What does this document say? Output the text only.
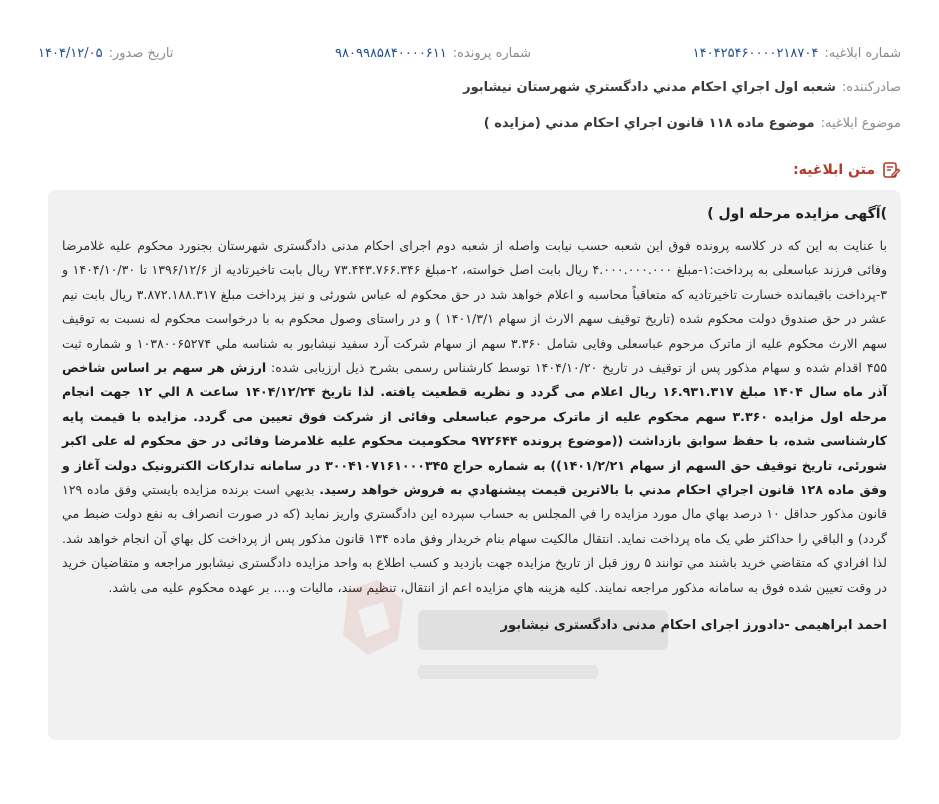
شماره ابلاغیه:
۱۴۰۴۲۵۴۶۰۰۰۰۲۱۸۷۰۴
شماره پرونده:
۹۸۰۹۹۸۵۸۴۰۰۰۰۶۱۱
تاریخ صدور:
۱۴۰۴/۱۲/۰۵
صادرکننده:
شعبه اول اجراي احكام مدني دادگستري شهرستان نيشابور
موضوع ابلاغیه:
موضوع ماده ۱۱۸ قانون اجراي احكام مدني (مزايده )
متن ابلاغیه:

)آگهی مزایده مرحله اول )

با عنایت به این که در کلاسه پرونده فوق این شعبه حسب نیابت واصله از شعبه دوم اجرای احکام مدنی دادگستری شهرستان بجنورد محکوم علیه غلامرضا وفائی فرزند عباسعلی به پرداخت:۱-مبلغ ۴.۰۰۰.۰۰۰.۰۰۰ ریال بابت اصل خواسته، ۲-مبلغ ۷۳.۴۴۳.۷۶۶.۳۴۶ ریال بابت تاخیرتادیه از ۱۳۹۶/۱۲/۶ تا ۱۴۰۴/۱۰/۳۰ و ۳-پرداخت باقیمانده خسارت تاخیرتادیه که متعاقباً محاسبه و اعلام خواهد شد در حق محکوم له عباس شورئی و نیز پرداخت مبلغ ۳.۸۷۲.۱۸۸.۳۱۷ ریال بابت نیم عشر در حق صندوق دولت محکوم شده (تاریخ توقیف سهم الارث از سهام ۱۴۰۱/۳/۱ ) و در راستای وصول محکوم به با درخواست محکوم له نسبت به توقیف سهم الارث محکوم علیه از ماترک مرحوم عباسعلی وفایی شامل ۳.۳۶۰ سهم از سهام شرکت آرد سفید نیشابور به شناسه ملي ۱۰۳۸۰۰۶۵۲۷۴ و شماره ثبت ۴۵۵ اقدام شده و سهام مذکور پس از توقیف در تاریخ ۱۴۰۴/۱۰/۲۰ توسط کارشناس رسمی بشرح ذیل ارزیابی شده: ارزش هر سهم بر اساس شاخص آذر ماه سال ۱۴۰۴ مبلغ ۱۶.۹۳۱.۳۱۷ ریال اعلام می گردد و نظریه قطعیت یافته. لذا تاریخ ۱۴۰۴/۱۲/۲۴ ساعت ۸ الي ۱۲ جهت انجام مرحله اول مزایده ۳.۳۶۰ سهم محکوم علیه از ماترک مرحوم عباسعلی وفائی از شرکت فوق تعیین می گردد. مزایده با قیمت پایه کارشناسی شده، با حفظ سوابق بازداشت ((موضوع پرونده ۹۷۲۶۴۴ محکومیت محکوم علیه غلامرضا وفائی در حق محکوم له علی اکبر شورئی، تاریخ توقیف حق السهم از سهام ۱۴۰۱/۲/۲۱)) به شماره حراج ۳۰۰۴۱۰۷۱۶۱۰۰۰۳۴۵ در سامانه تدارکات الکترونیک دولت آغاز و وفق ماده ۱۲۸ قانون اجراي احكام مدني با بالاترين قيمت پيشنهادي به فروش خواهد رسيد. بديهي است برنده مزایده بایستي وفق ماده ۱۲۹ قانون مذکور حداقل ۱۰ درصد بهاي مال مورد مزايده را في المجلس به حساب سپرده این دادگستري واريز نمايد (كه در صورت انصراف به نفع دولت ضبط مي گردد) و الباقي را حداكثر طي يک ماه پرداخت نمايد. انتقال مالكيت سهام بنام خریدار وفق ماده ۱۳۴ قانون مذکور پس از پرداخت كل بهاي آن انجام خواهد شد. لذا افرادي كه متقاضي خريد باشند مي توانند ۵ روز قبل از تاريخ مزايده جهت بازديد و کسب اطلاع به واحد مزایده دادگستری نیشابور مراجعه و متقاضيان خريد در وقت تعيين شده فوق به سامانه مذکور مراجعه نمايند. كليه هزينه هاي مزايده اعم از انتقال، تنظيم سند، ماليات و.... بر عهده محکوم علیه می باشد.

احمد ابراهیمی -دادورز اجرای احکام مدنی دادگستری نیشابور
